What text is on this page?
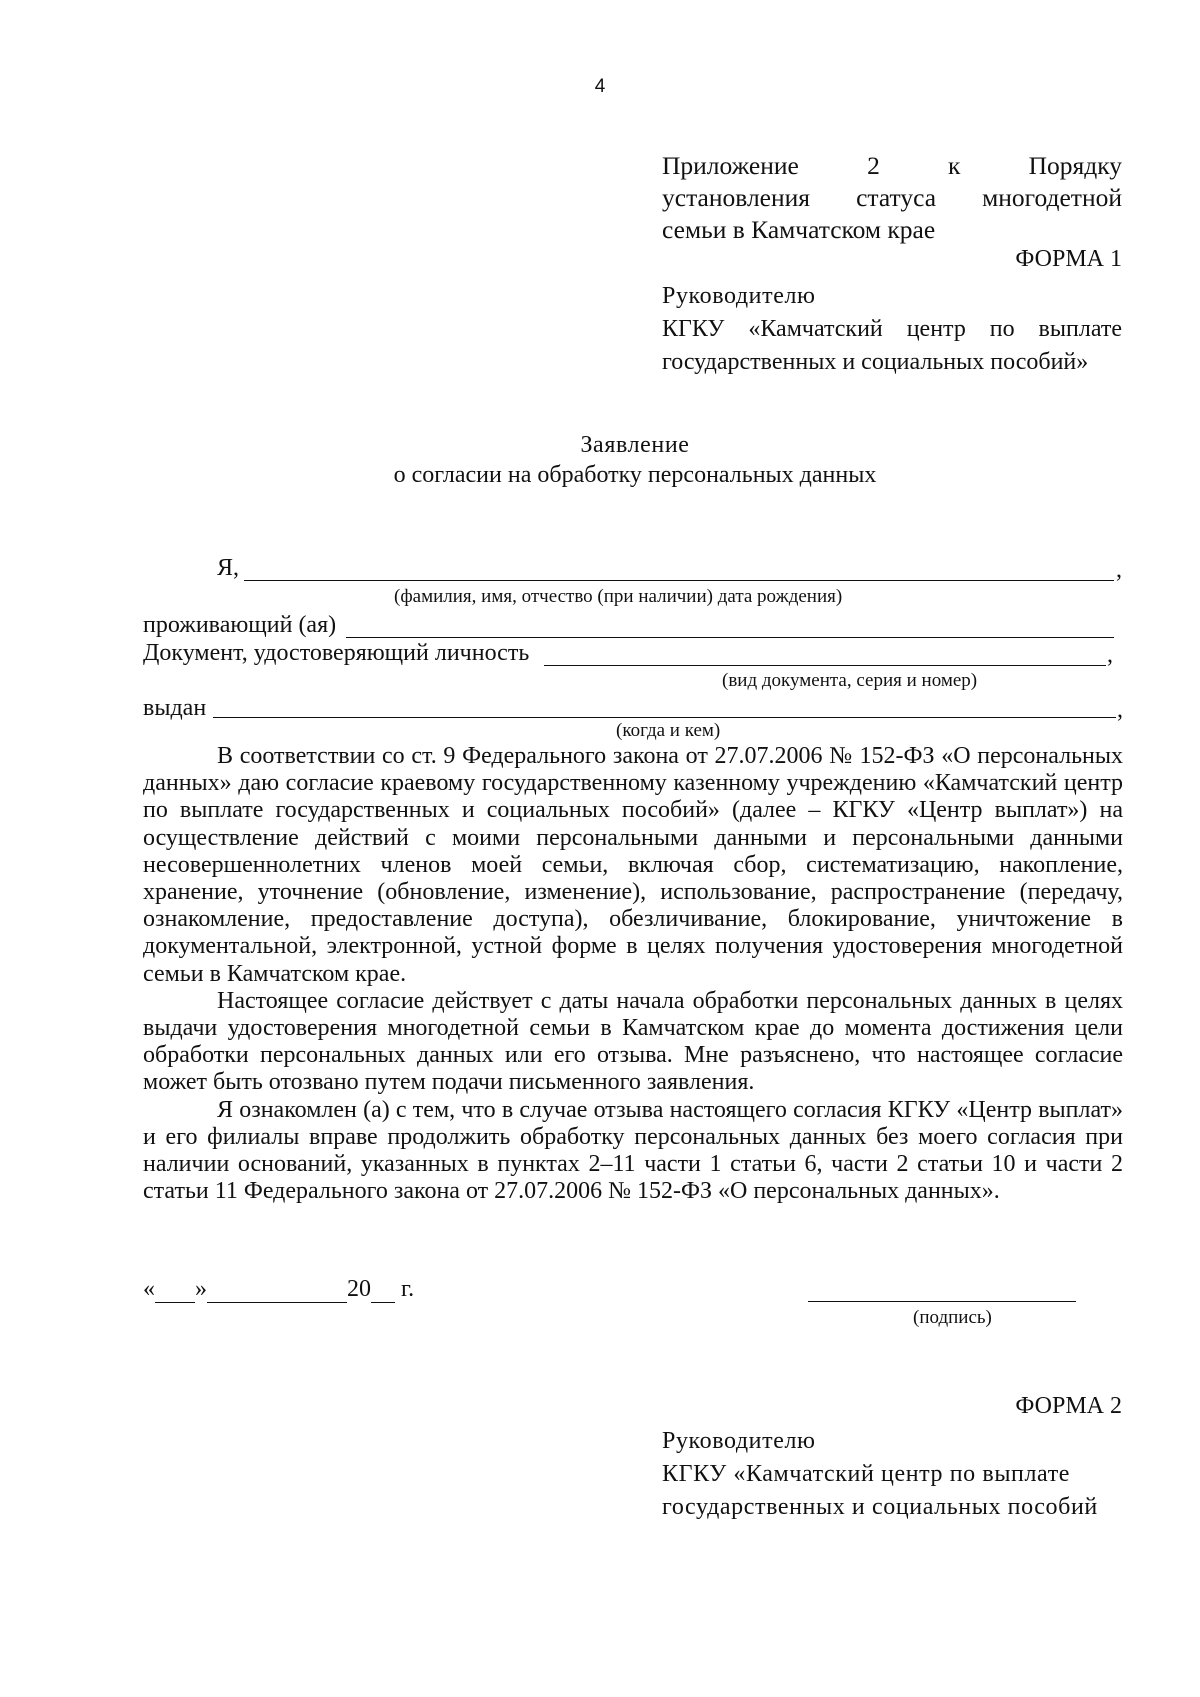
4
Приложение	2	к	Порядку
установления статуса многодетной
семьи в Камчатском крае
ФОРМА 1
Руководителю
КГКУ «Камчатский центр по выплате
государственных и социальных пособий»
Заявление
о согласии на обработку персональных данных
Я,	,
(фамилия, имя, отчество (при наличии) дата рождения)
проживающий (ая)
Документ, удостоверяющий личность	,
(вид документа, серия и номер)
выдан	,
(когда и кем)

В соответствии со ст. 9 Федерального закона от 27.07.2006 № 152-ФЗ «О персональных данных» даю согласие краевому государственному казенному учреждению «Камчатский центр по выплате государственных и социальных пособий» (далее – КГКУ «Центр выплат») на осуществление действий с моими персональными данными и персональными данными несовершеннолетних членов моей семьи, включая сбор, систематизацию, накопление, хранение, уточнение (обновление, изменение), использование, распространение (передачу, ознакомление, предоставление доступа), обезличивание, блокирование, уничтожение в документальной, электронной, устной форме в целях получения удостоверения многодетной семьи в Камчатском крае.

Настоящее согласие действует с даты начала обработки персональных данных в целях выдачи удостоверения многодетной семьи в Камчатском крае до момента достижения цели обработки персональных данных или его отзыва. Мне разъяснено, что настоящее согласие может быть отозвано путем подачи письменного заявления.

Я ознакомлен (а) с тем, что в случае отзыва настоящего согласия КГКУ «Центр выплат» и его филиалы вправе продолжить обработку персональных данных без моего согласия при наличии оснований, указанных в пунктах 2–11 части 1 статьи 6, части 2 статьи 10 и части 2 статьи 11 Федерального закона от 27.07.2006 № 152-ФЗ «О персональных данных».

« »	20 г.
(подпись)
ФОРМА 2
Руководителю
КГКУ «Камчатский центр по выплате
государственных и социальных пособий
